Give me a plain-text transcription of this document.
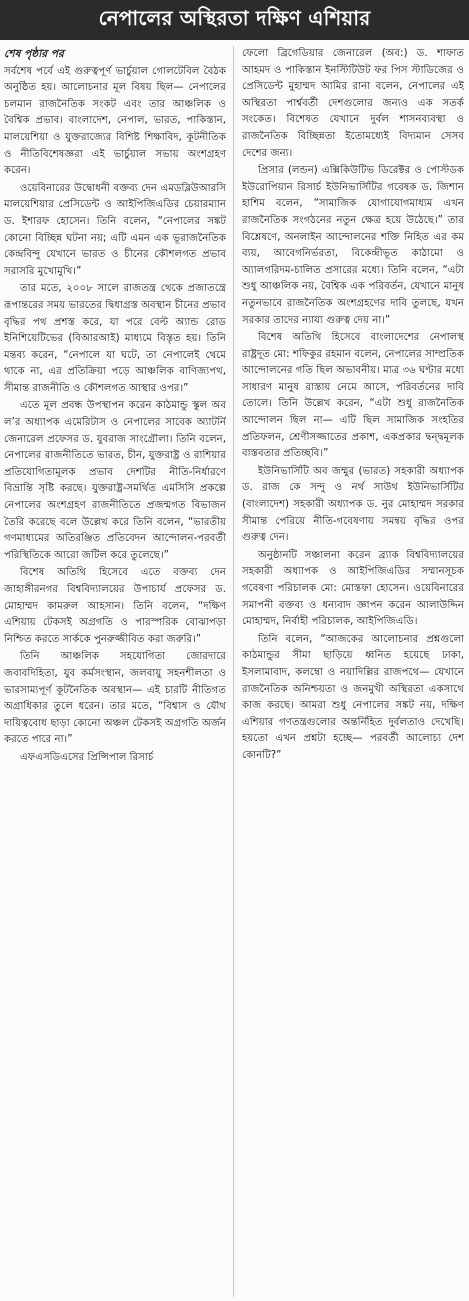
নেপালের অস্থিরতা দক্ষিণ এশিয়ার
শেষ পৃষ্ঠার পর

সর্বশেষ পর্বে এই গুরুত্বপূর্ণ ভার্চুয়াল গোলটেবিল বৈঠক অনুষ্ঠিত হয়। আলোচনার মূল বিষয় ছিল— নেপালের চলমান রাজনৈতিক সংকট এবং তার আঞ্চলিক ও বৈশ্বিক প্রভাব। বাংলাদেশ, নেপাল, ভারত, পাকিস্তান, মালয়েশিয়া ও যুক্তরাজ্যের বিশিষ্ট শিক্ষাবিদ, কূটনীতিক ও নীতিবিশেষজ্ঞরা এই ভার্চুয়াল সভায় অংশগ্রহণ করেন।

ওয়েবিনারের উদ্বোধনী বক্তব্য দেন এমডব্লিউআরসি মালয়েশিয়ার প্রেসিডেন্ট ও আইপিজিএডির চেয়ারম্যান ড. ইশারফ হোসেন। তিনি বলেন, “নেপালের সঙ্কট কোনো বিচ্ছিন্ন ঘটনা নয়; এটি এমন এক ভূরাজনৈতিক কেন্দ্রবিন্দু যেখানে ভারত ও চীনের কৌশলগত প্রভাব সরাসরি মুখোমুখি।”

তার মতে, ২০০৮ সালে রাজতন্ত্র থেকে প্রজাতন্ত্রে রূপান্তরের সময় ভারতের দ্বিধাগ্রস্ত অবস্থান চীনের প্রভাব বৃদ্ধির পথ প্রশস্ত করে, যা পরে বেল্ট অ্যান্ড রোড ইনিশিয়েটিভের (বিআরআই) মাধ্যমে বিস্তৃত হয়। তিনি মন্তব্য করেন, “নেপালে যা ঘটে, তা নেপালেই থেমে থাকে না, এর প্রতিক্রিয়া পড়ে আঞ্চলিক বাণিজ্যপথ, সীমান্ত রাজনীতি ও কৌশলগত আস্থার ওপর।”

এতে মূল প্রবন্ধ উপস্থাপন করেন কাঠমান্ডু স্কুল অব ল’র অধ্যাপক এমেরিটাস ও নেপালের সাবেক অ্যাটর্নি জেনারেল প্রফেসর ড. যুবরাজ সাংগ্রৌলা। তিনি বলেন, নেপালের রাজনীতিতে ভারত, চীন, যুক্তরাষ্ট্র ও রাশিয়ার প্রতিযোগিতামূলক প্রভাব দেশটির নীতি-নির্ধারণে বিভ্রান্তি সৃষ্টি করছে। যুক্তরাষ্ট্র-সমর্থিত এমসিসি প্রকল্পে নেপালের অংশগ্রহণ রাজনীতিতে প্রজন্মগত বিভাজন তৈরি করেছে বলে উল্লেখ করে তিনি বলেন, “ভারতীয় গণমাধ্যমের অতিরঞ্জিত প্রতিবেদন আন্দোলন-পরবর্তী পরিস্থিতিকে আরো জটিল করে তুলেছে।”

বিশেষ অতিথি হিসেবে এতে বক্তব্য দেন জাহাঙ্গীরনগর বিশ্ববিদ্যালয়ের উপাচার্য প্রফেসর ড. মোহাম্মদ কামরুল আহসান। তিনি বলেন, “দক্ষিণ এশিয়ায় টেকসই অগ্রগতি ও পারস্পরিক বোঝাপড়া নিশ্চিত করতে সার্ককে পুনরুজ্জীবিত করা জরুরি।”

তিনি আঞ্চলিক সহযোগিতা জোরদারে জবাবদিহিতা, যুব কর্মসংস্থান, জলবায়ু সহনশীলতা ও ভারসাম্যপূর্ণ কূটনৈতিক অবস্থান— এই চারটি নীতিগত অগ্রাধিকার তুলে ধরেন। তার মতে, “বিশ্বাস ও যৌথ দায়িত্ববোধ ছাড়া কোনো অঞ্চল টেকসই অগ্রগতি অর্জন করতে পারে না।”

এফএসডিএসের প্রিন্সিপাল রিসার্চ

ফেলো ব্রিগেডিয়ার জেনারেল (অব:) ড. শাফাত আহমদ ও পাকিস্তান ইনস্টিটিউট ফর পিস স্টাডিজের ও প্রেসিডেন্ট মুহাম্মদ আমির রানা বলেন, নেপালের এই অস্থিরতা পার্শ্ববর্তী দেশগুলোর জন্যও এক সতর্ক সংকেত। বিশেষত যেখানে দুর্বল শাসনব্যবস্থা ও রাজনৈতিক বিচ্ছিন্নতা ইতোমধ্যেই বিদ্যমান সেসব দেশের জন্য।

প্রিসার (লন্ডন) এক্সিকিউটিভ ডিরেক্টর ও পোস্টডক ইউরোপিয়ান রিসার্চ ইউনিভার্সিটির গবেষক ড. জিশান হাশিম বলেন, “সামাজিক যোগাযোগমাধ্যম এখন রাজনৈতিক সংগঠনের নতুন ক্ষেত্র হয়ে উঠেছে।” তার বিশ্লেষণে, অনলাইন আন্দোলনের শক্তি নিহিত এর কম ব্যয়, আবেগনির্ভরতা, বিকেন্দ্রীভূত কাঠামো ও অ্যালগরিদম-চালিত প্রসারের মধ্যে। তিনি বলেন, “এটা শুধু আঞ্চলিক নয়, বৈশ্বিক এক পরিবর্তন, যেখানে মানুষ নতুনভাবে রাজনৈতিক অংশগ্রহণের দাবি তুলছে, যখন সরকার তাদের ন্যায্য গুরুত্ব দেয় না।”

বিশেষ অতিথি হিসেবে বাংলাদেশের নেপালস্থ রাষ্ট্রদূত মো: শফিকুর রহমান বলেন, নেপালের সাম্প্রতিক আন্দোলনের গতি ছিল অভাবনীয়। মাত্র ৩৬ ঘণ্টার মধ্যে সাধারণ মানুষ রাস্তায় নেমে আসে, পরিবর্তনের দাবি তোলে। তিনি উল্লেখ করেন, “এটা শুধু রাজনৈতিক আন্দোলন ছিল না— এটি ছিল সামাজিক সংহতির প্রতিফলন, শ্রেণীসজ্জাতের প্রকাশ, একপ্রকার দ্বন্দ্বমূলক বাস্তবতার প্রতিচ্ছবি।”

ইউনিভার্সিটি অব জম্মুর (ভারত) সহকারী অধ্যাপক ড. রাজ কে সন্দু ও নর্থ সাউথ ইউনিভার্সিটির (বাংলাদেশ) সহকারী অধ্যাপক ড. নুর মোহাম্মদ সরকার সীমান্ত পেরিয়ে নীতি-গবেষণায় সমন্বয় বৃদ্ধির ওপর গুরুত্ব দেন।

অনুষ্ঠানটি সঞ্চালনা করেন ব্র্যাক বিশ্ববিদ্যালয়ের সহকারী অধ্যাপক ও আইপিজিএডির সম্মানসূচক গবেষণা পরিচালক মো: মোস্তফা হোসেন। ওয়েবিনারের সমাপনী বক্তব্য ও ধন্যবাদ জ্ঞাপন করেন আলাউদ্দিন মোহাম্মদ, নির্বাহী পরিচালক, আইপিজিএডি।

তিনি বলেন, “আজকের আলোচনার প্রশ্নগুলো কাঠমান্ডুর সীমা ছাড়িয়ে ধ্বনিত হয়েছে ঢাকা, ইসলামাবাদ, কলম্বো ও নয়াদিল্লির রাজপথে— যেখানে রাজনৈতিক অনিশ্চয়তা ও জনমুখী অস্থিরতা একসাথে কাজ করছে। আমরা শুধু নেপালের সঙ্কট নয়, দক্ষিণ এশিয়ার গণতন্ত্রগুলোর অন্তর্নিহিত দুর্বলতাও দেখেছি। হয়তো এখন প্রশ্নটা হচ্ছে— পরবর্তী আলোচ্য দেশ কোনটি?”
